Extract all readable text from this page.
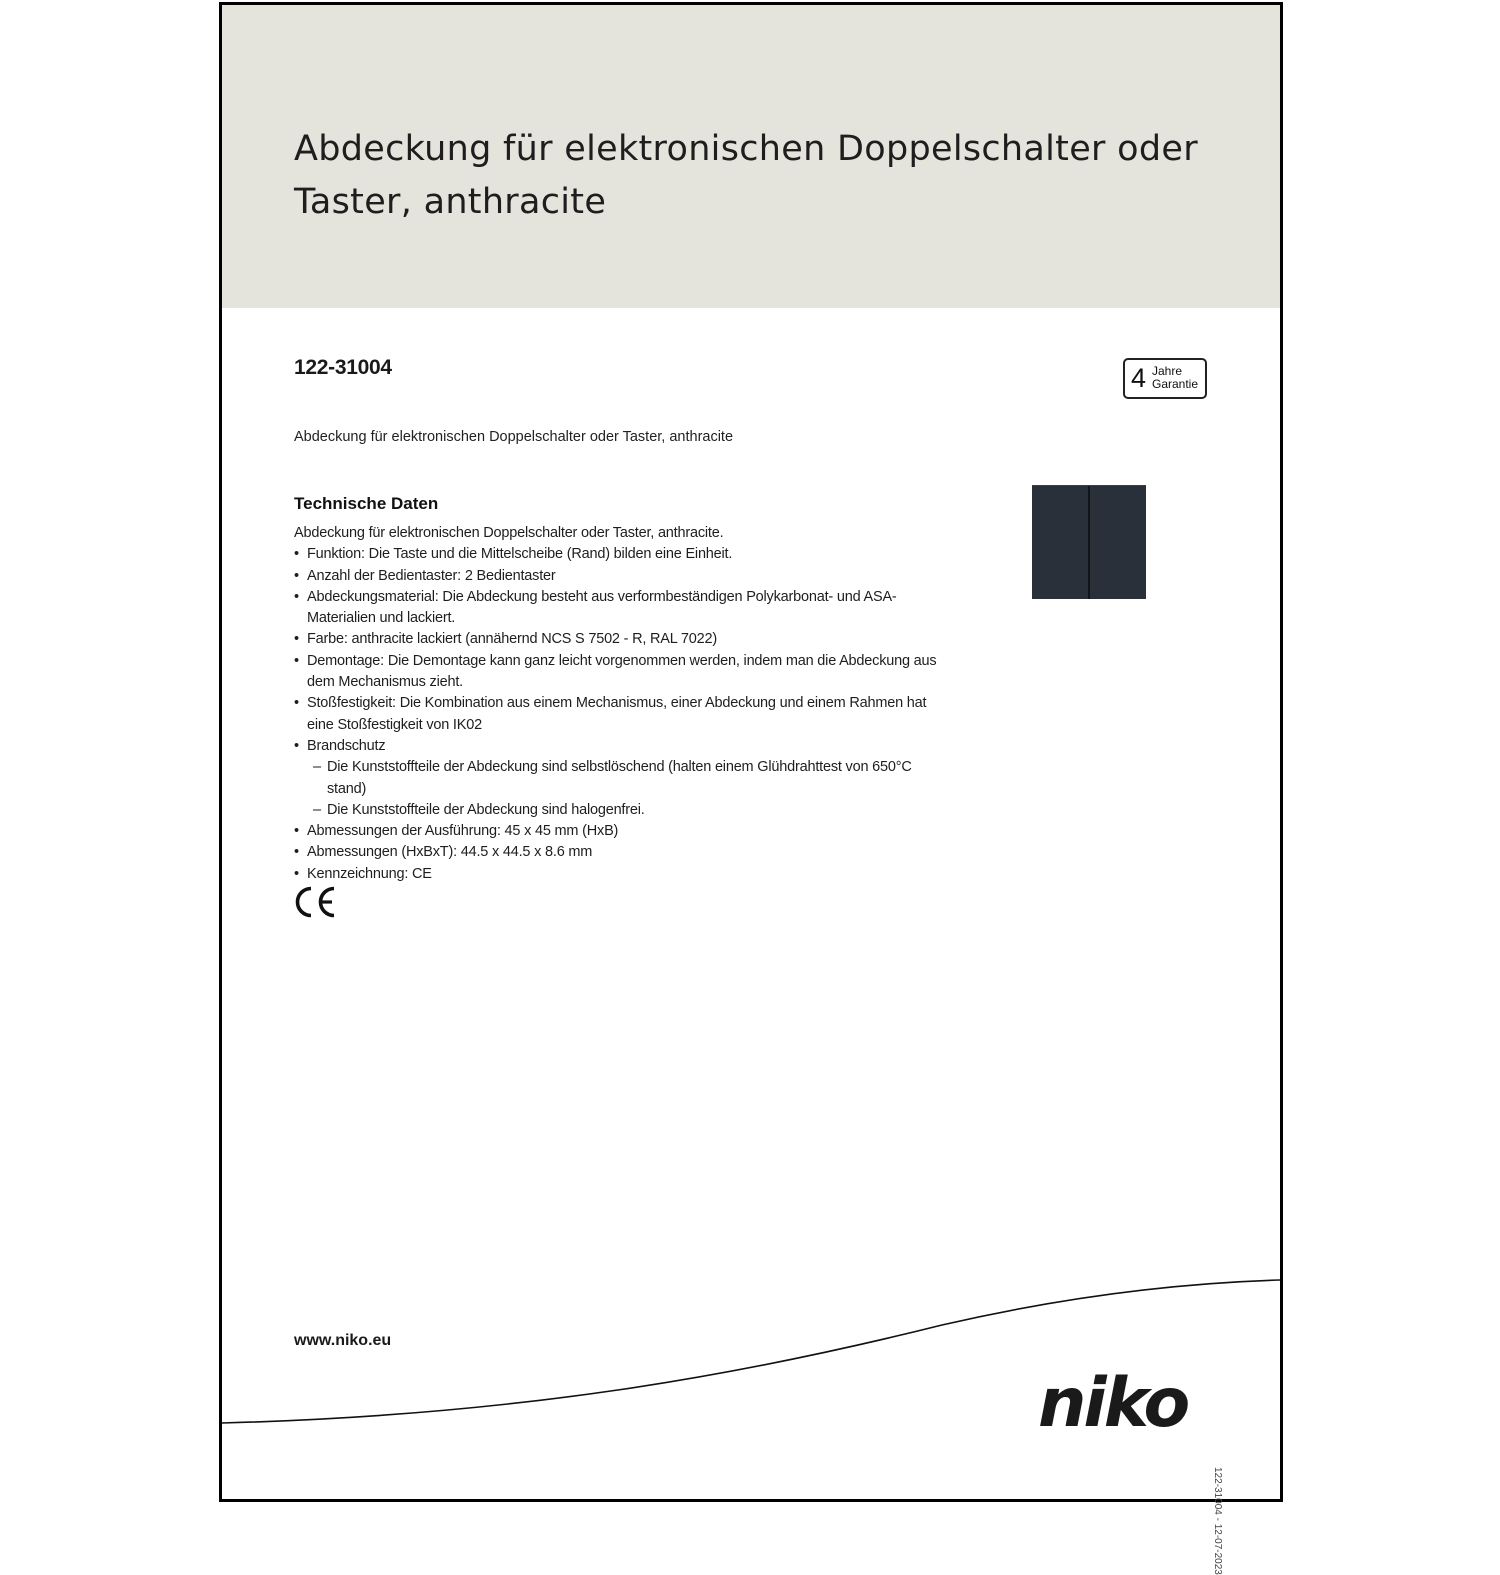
Abdeckung für elektronischen Doppelschalter oder Taster, anthracite
122-31004	4 Jahre
Garantie
Abdeckung für elektronischen Doppelschalter oder Taster, anthracite
Technische Daten

Abdeckung für elektronischen Doppelschalter oder Taster, anthracite.

• Funktion: Die Taste und die Mittelscheibe (Rand) bilden eine Einheit.
• Anzahl der Bedientaster: 2 Bedientaster
• Abdeckungsmaterial: Die Abdeckung besteht aus verformbeständigen Polykarbonat- und ASA-Materialien und lackiert.
• Farbe: anthracite lackiert (annähernd NCS S 7502 - R, RAL 7022)
• Demontage: Die Demontage kann ganz leicht vorgenommen werden, indem man die Abdeckung aus dem Mechanismus zieht.
• Stoßfestigkeit: Die Kombination aus einem Mechanismus, einer Abdeckung und einem Rahmen hat eine Stoßfestigkeit von IK02
• Brandschutz
– Die Kunststoffteile der Abdeckung sind selbstlöschend (halten einem Glühdrahttest von 650°C stand)
– Die Kunststoffteile der Abdeckung sind halogenfrei.
• Abmessungen der Ausführung: 45 x 45 mm (HxB)
• Abmessungen (HxBxT): 44.5 x 44.5 x 8.6 mm
• Kennzeichnung: CE
www.niko.eu
niko
122-31004 - 12-07-2023
